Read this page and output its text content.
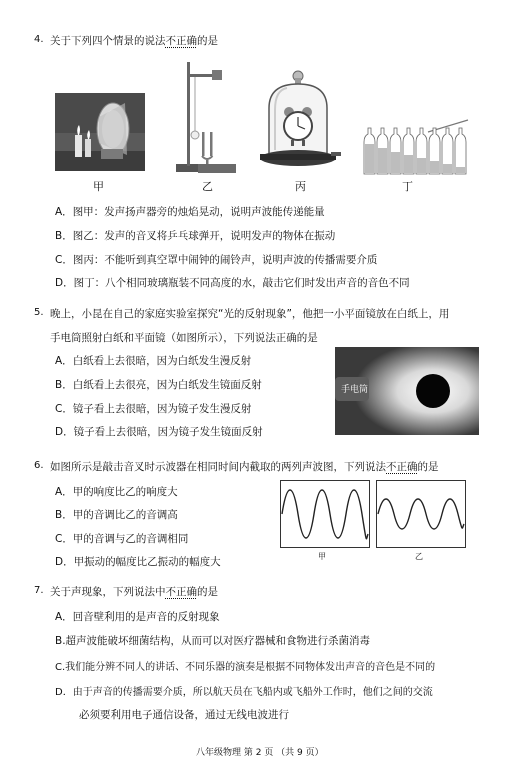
4. 关于下列四个情景的说法不正确的是
甲	乙	丙	丁
A．图甲：发声扬声器旁的烛焰晃动，说明声波能传递能量
B．图乙：发声的音叉将乒乓球弹开，说明发声的物体在振动
C．图丙：不能听到真空罩中闹钟的闹铃声，说明声波的传播需要介质
D．图丁：八个相同玻璃瓶装不同高度的水，敲击它们时发出声音的音色不同
5. 晚上，小昆在自己的家庭实验室探究“光的反射现象”，他把一小平面镜放在白纸上，用
手电筒照射白纸和平面镜（如图所示），下列说法正确的是
A．白纸看上去很暗，因为白纸发生漫反射
B．白纸看上去很亮，因为白纸发生镜面反射
C．镜子看上去很暗，因为镜子发生漫反射
D．镜子看上去很暗，因为镜子发生镜面反射
手电筒
6. 如图所示是敲击音叉时示波器在相同时间内截取的两列声波图，下列说法不正确的是
A．甲的响度比乙的响度大
B．甲的音调比乙的音调高
C．甲的音调与乙的音调相同
D．甲振动的幅度比乙振动的幅度大	甲	乙
7. 关于声现象，下列说法中不正确的是
A．回音壁利用的是声音的反射现象
B.超声波能破坏细菌结构，从而可以对医疗器械和食物进行杀菌消毒
C.我们能分辨不同人的讲话、不同乐器的演奏是根据不同物体发出声音的音色是不同的
D．由于声音的传播需要介质，所以航天员在飞船内或飞船外工作时，他们之间的交流
必须要利用电子通信设备，通过无线电波进行
八年级物理 第 2 页 （共 9 页）
